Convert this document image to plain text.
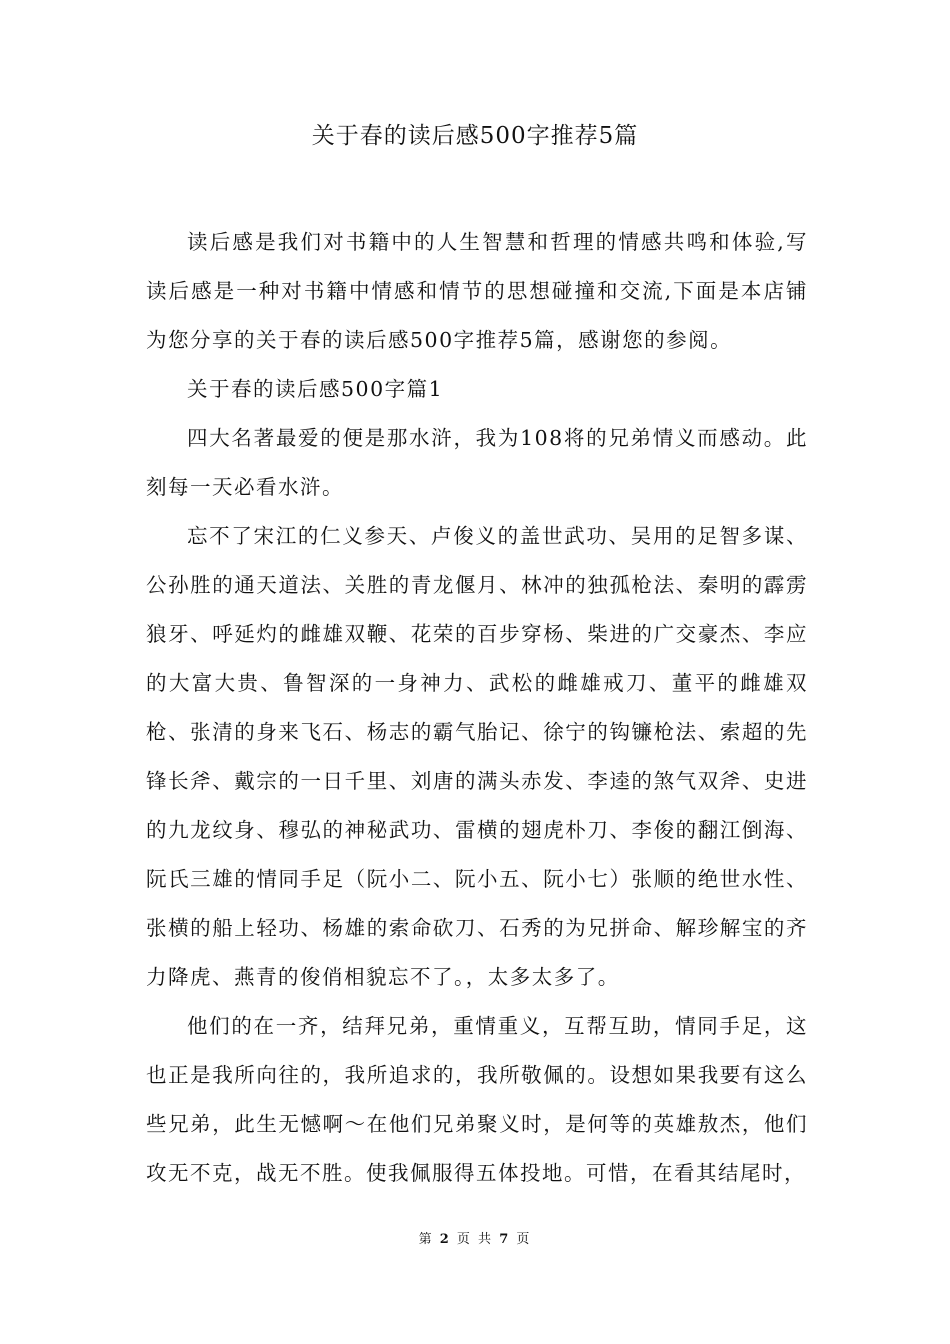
关于春的读后感500字推荐5篇

读后感是我们对书籍中的人生智慧和哲理的情感共鸣和体验,写读后感是一种对书籍中情感和情节的思想碰撞和交流,下面是本店铺为您分享的关于春的读后感500字推荐5篇，感谢您的参阅。

关于春的读后感500字篇1

四大名著最爱的便是那水浒，我为108将的兄弟情义而感动。此刻每一天必看水浒。

忘不了宋江的仁义参天、卢俊义的盖世武功、吴用的足智多谋、公孙胜的通天道法、关胜的青龙偃月、林冲的独孤枪法、秦明的霹雳狼牙、呼延灼的雌雄双鞭、花荣的百步穿杨、柴进的广交豪杰、李应的大富大贵、鲁智深的一身神力、武松的雌雄戒刀、董平的雌雄双枪、张清的身来飞石、杨志的霸气胎记、徐宁的钩镰枪法、索超的先锋长斧、戴宗的一日千里、刘唐的满头赤发、李逵的煞气双斧、史进的九龙纹身、穆弘的神秘武功、雷横的翅虎朴刀、李俊的翻江倒海、阮氏三雄的情同手足（阮小二、阮小五、阮小七）张顺的绝世水性、张横的船上轻功、杨雄的索命砍刀、石秀的为兄拼命、解珍解宝的齐力降虎、燕青的俊俏相貌忘不了。，太多太多了。

他们的在一齐，结拜兄弟，重情重义，互帮互助，情同手足，这也正是我所向往的，我所追求的，我所敬佩的。设想如果我要有这么些兄弟，此生无憾啊～在他们兄弟聚义时，是何等的英雄敖杰，他们攻无不克，战无不胜。使我佩服得五体投地。可惜，在看其结尾时，

第 2 页 共 7 页
